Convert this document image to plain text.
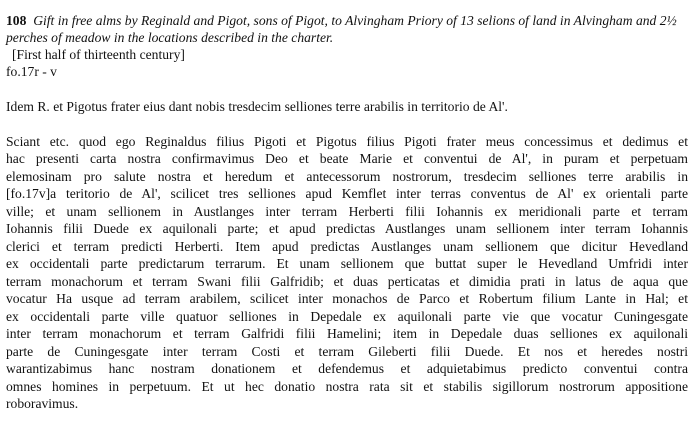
108 Gift in free alms by Reginald and Pigot, sons of Pigot, to Alvingham Priory of 13 selions of land in Alvingham and 2½
perches of meadow in the locations described in the charter.
[First half of thirteenth century]
fo.17r - v

Idem R. et Pigotus frater eius dant nobis tresdecim selliones terre arabilis in territorio de Al'.

Sciant etc. quod ego Reginaldus filius Pigoti et Pigotus filius Pigoti frater meus concessimus et dedimus et
hac presenti carta nostra confirmavimus Deo et beate Marie et conventui de Al', in puram et perpetuam
elemosinam pro salute nostra et heredum et antecessorum nostrorum, tresdecim selliones terre arabilis in
[fo.17v]a teritorio de Al', scilicet tres selliones apud Kemflet inter terras conventus de Al' ex orientali parte
ville; et unam sellionem in Austlanges inter terram Herberti filii Iohannis ex meridionali parte et terram
Iohannis filii Duede ex aquilonali parte; et apud predictas Austlanges unam sellionem inter terram Iohannis
clerici et terram predicti Herberti. Item apud predictas Austlanges unam sellionem que dicitur Hevedland
ex occidentali parte predictarum terrarum. Et unam sellionem que buttat super le Hevedland Umfridi inter
terram monachorum et terram Swani filii Galfridib; et duas perticatas et dimidia prati in latus de aqua que
vocatur Ha usque ad terram arabilem, scilicet inter monachos de Parco et Robertum filium Lante in Hal; et
ex occidentali parte ville quatuor selliones in Depedale ex aquilonali parte vie que vocatur Cuningesgate
inter terram monachorum et terram Galfridi filii Hamelini; item in Depedale duas selliones ex aquilonali
parte de Cuningesgate inter terram Costi et terram Gileberti filii Duede. Et nos et heredes nostri
warantizabimus hanc nostram donationem et defendemus et adquietabimus predicto conventui contra
omnes homines in perpetuum. Et ut hec donatio nostra rata sit et stabilis sigillorum nostrorum appositione
roboravimus.
